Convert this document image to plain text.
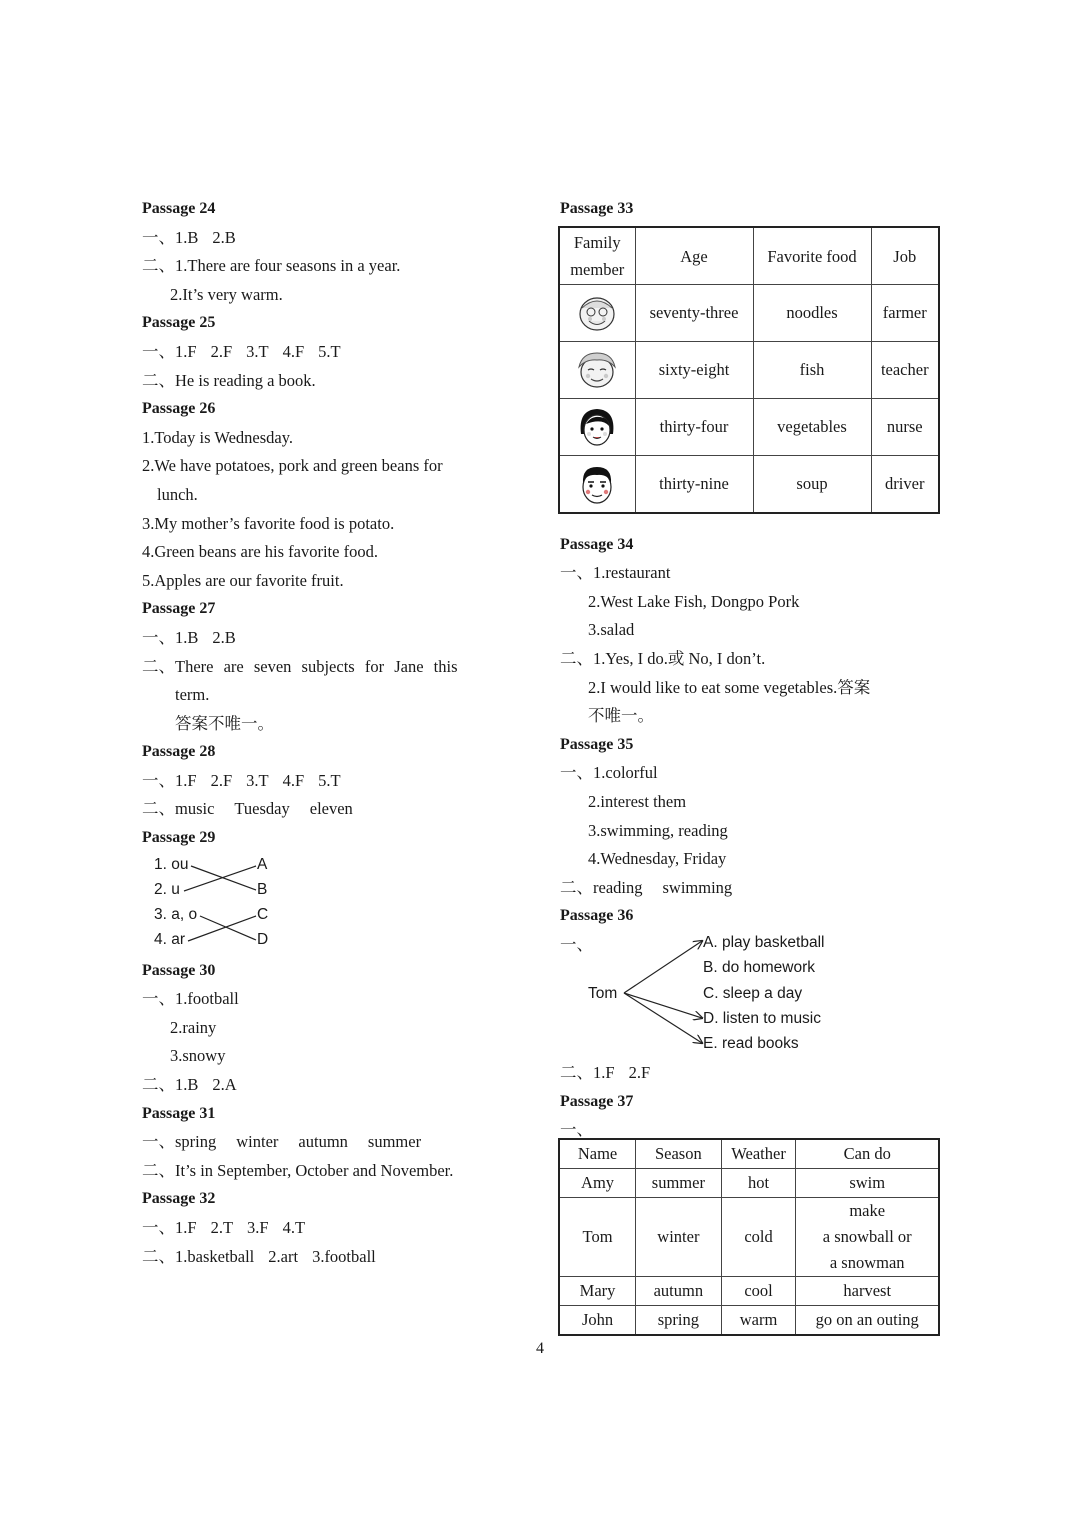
Passage 24
一、1.B 2.B
二、1.There are four seasons in a year.
2.It’s very warm.
Passage 25
一、1.F 2.F 3.T 4.F 5.T
二、He is reading a book.
Passage 26
1.Today is Wednesday.
2.We have potatoes, pork and green beans for
lunch.
3.My mother’s favorite food is potato.
4.Green beans are his favorite food.
5.Apples are our favorite fruit.
Passage 27
一、1.B 2.B
二、There are seven subjects for Jane this
term.
答案不唯一。
Passage 28
一、1.F 2.F 3.T 4.F 5.T
二、music Tuesday eleven
Passage 29
1. ou
2. u
3. a, o
4. ar
A
B
C
D
Passage 30
一、1.football
2.rainy
3.snowy
二、1.B 2.A
Passage 31
一、spring winter autumn summer
二、It’s in September, October and November.
Passage 32
一、1.F 2.T 3.F 4.T
二、1.basketball 2.art 3.football
Passage 33
Passage 34
一、1.restaurant
2.West Lake Fish, Dongpo Pork
3.salad
二、1.Yes, I do.或 No, I don’t.
2.I would like to eat some vegetables.答案
不唯一。
Passage 35
一、1.colorful
2.interest them
3.swimming, reading
4.Wednesday, Friday
二、reading swimming
Passage 36
一、
Tom
A. play basketball
B. do homework
C. sleep a day
D. listen to music
E. read books
二、1.F 2.F
Passage 37
一、
Family
member	Age	Favorite food	Job

	seventy-three	noodles	farmer

	sixty-eight	fish	teacher

	thirty-four	vegetables	nurse

	thirty-nine	soup	driver
Name	Season	Weather	Can do
Amy	summer	hot	swim
Tom	winter	cold	make
a snowball or
a snowman
Mary	autumn	cool	harvest
John	spring	warm	go on an outing
4
